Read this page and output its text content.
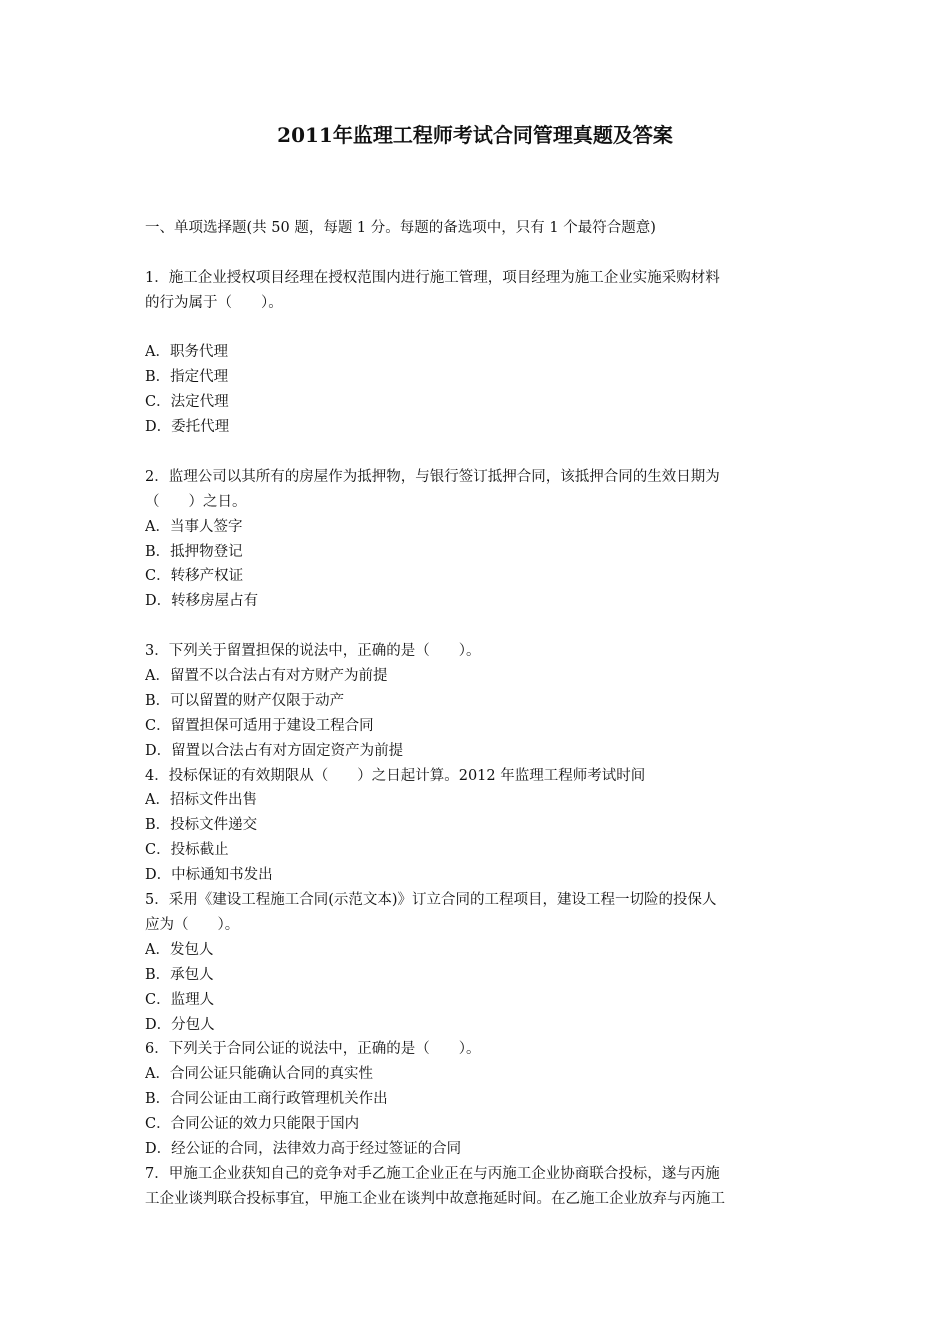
2011年监理工程师考试合同管理真题及答案
一、单项选择题(共 50 题，每题 1 分。每题的备选项中，只有 1 个最符合题意)
1．施工企业授权项目经理在授权范围内进行施工管理，项目经理为施工企业实施采购材料
的行为属于（　　）。
A．职务代理
B．指定代理
C．法定代理
D．委托代理
2．监理公司以其所有的房屋作为抵押物，与银行签订抵押合同，该抵押合同的生效日期为
（　　）之日。
A．当事人签字
B．抵押物登记
C．转移产权证
D．转移房屋占有
3．下列关于留置担保的说法中，正确的是（　　）。
A．留置不以合法占有对方财产为前提
B．可以留置的财产仅限于动产
C．留置担保可适用于建设工程合同
D．留置以合法占有对方固定资产为前提
4．投标保证的有效期限从（　　）之日起计算。2012 年监理工程师考试时间
A．招标文件出售
B．投标文件递交
C．投标截止
D．中标通知书发出
5．采用《建设工程施工合同(示范文本)》订立合同的工程项目，建设工程一切险的投保人
应为（　　）。
A．发包人
B．承包人
C．监理人
D．分包人
6．下列关于合同公证的说法中，正确的是（　　）。
A．合同公证只能确认合同的真实性
B．合同公证由工商行政管理机关作出
C．合同公证的效力只能限于国内
D．经公证的合同，法律效力高于经过签证的合同
7．甲施工企业获知自己的竞争对手乙施工企业正在与丙施工企业协商联合投标，遂与丙施
工企业谈判联合投标事宜，甲施工企业在谈判中故意拖延时间。在乙施工企业放弃与丙施工
